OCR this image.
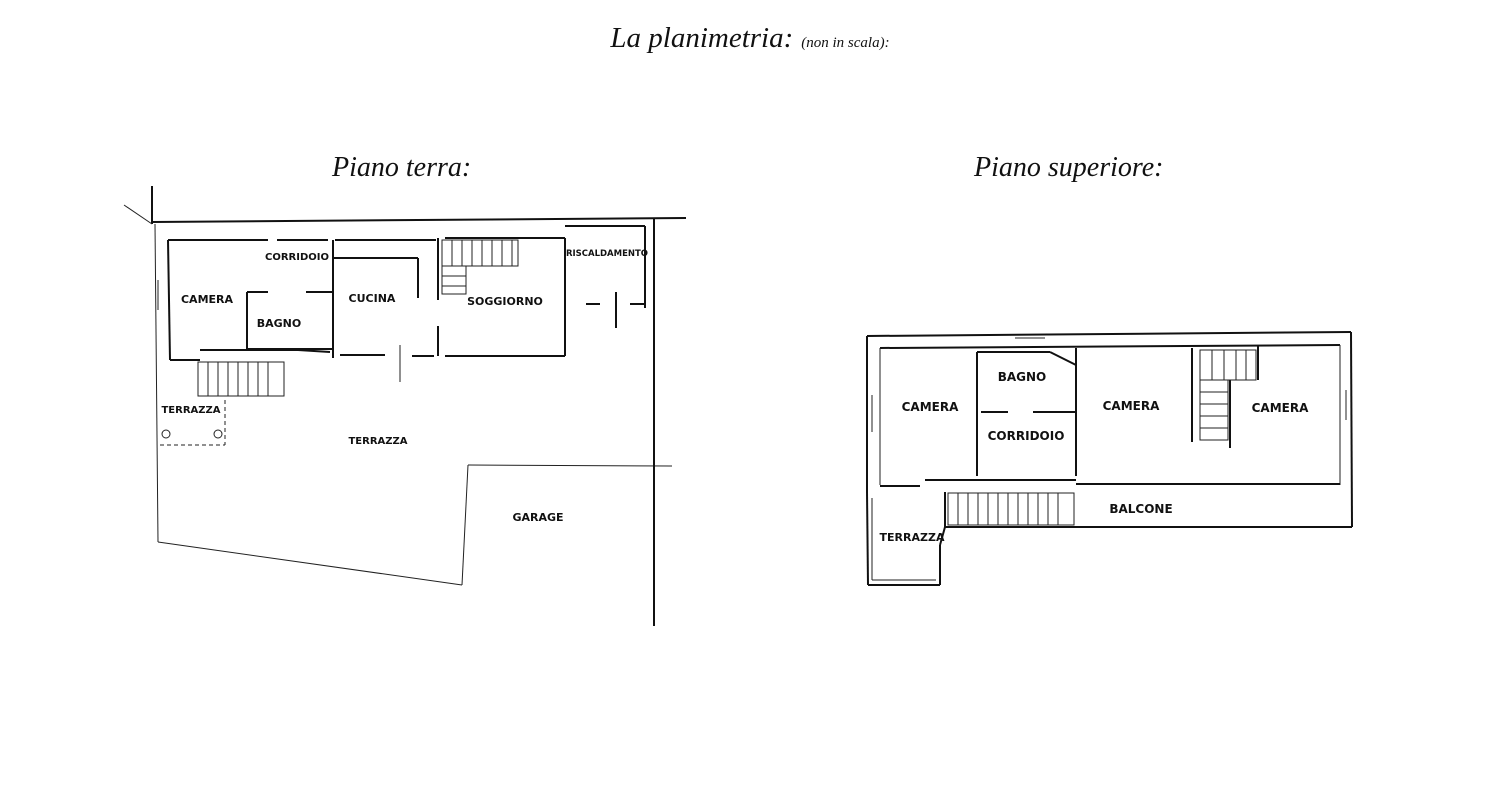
La planimetria: (non in scala):
Piano terra:	Piano superiore:
CORRIDOIO	RISCALDAMENTO
CAMERA	CUCINA	SOGGIORNO
BAGNO
TERRAZZA
TERRAZZA
GARAGE
BAGNO
CAMERA	CAMERA	CAMERA
CORRIDOIO
BALCONE
TERRAZZA
